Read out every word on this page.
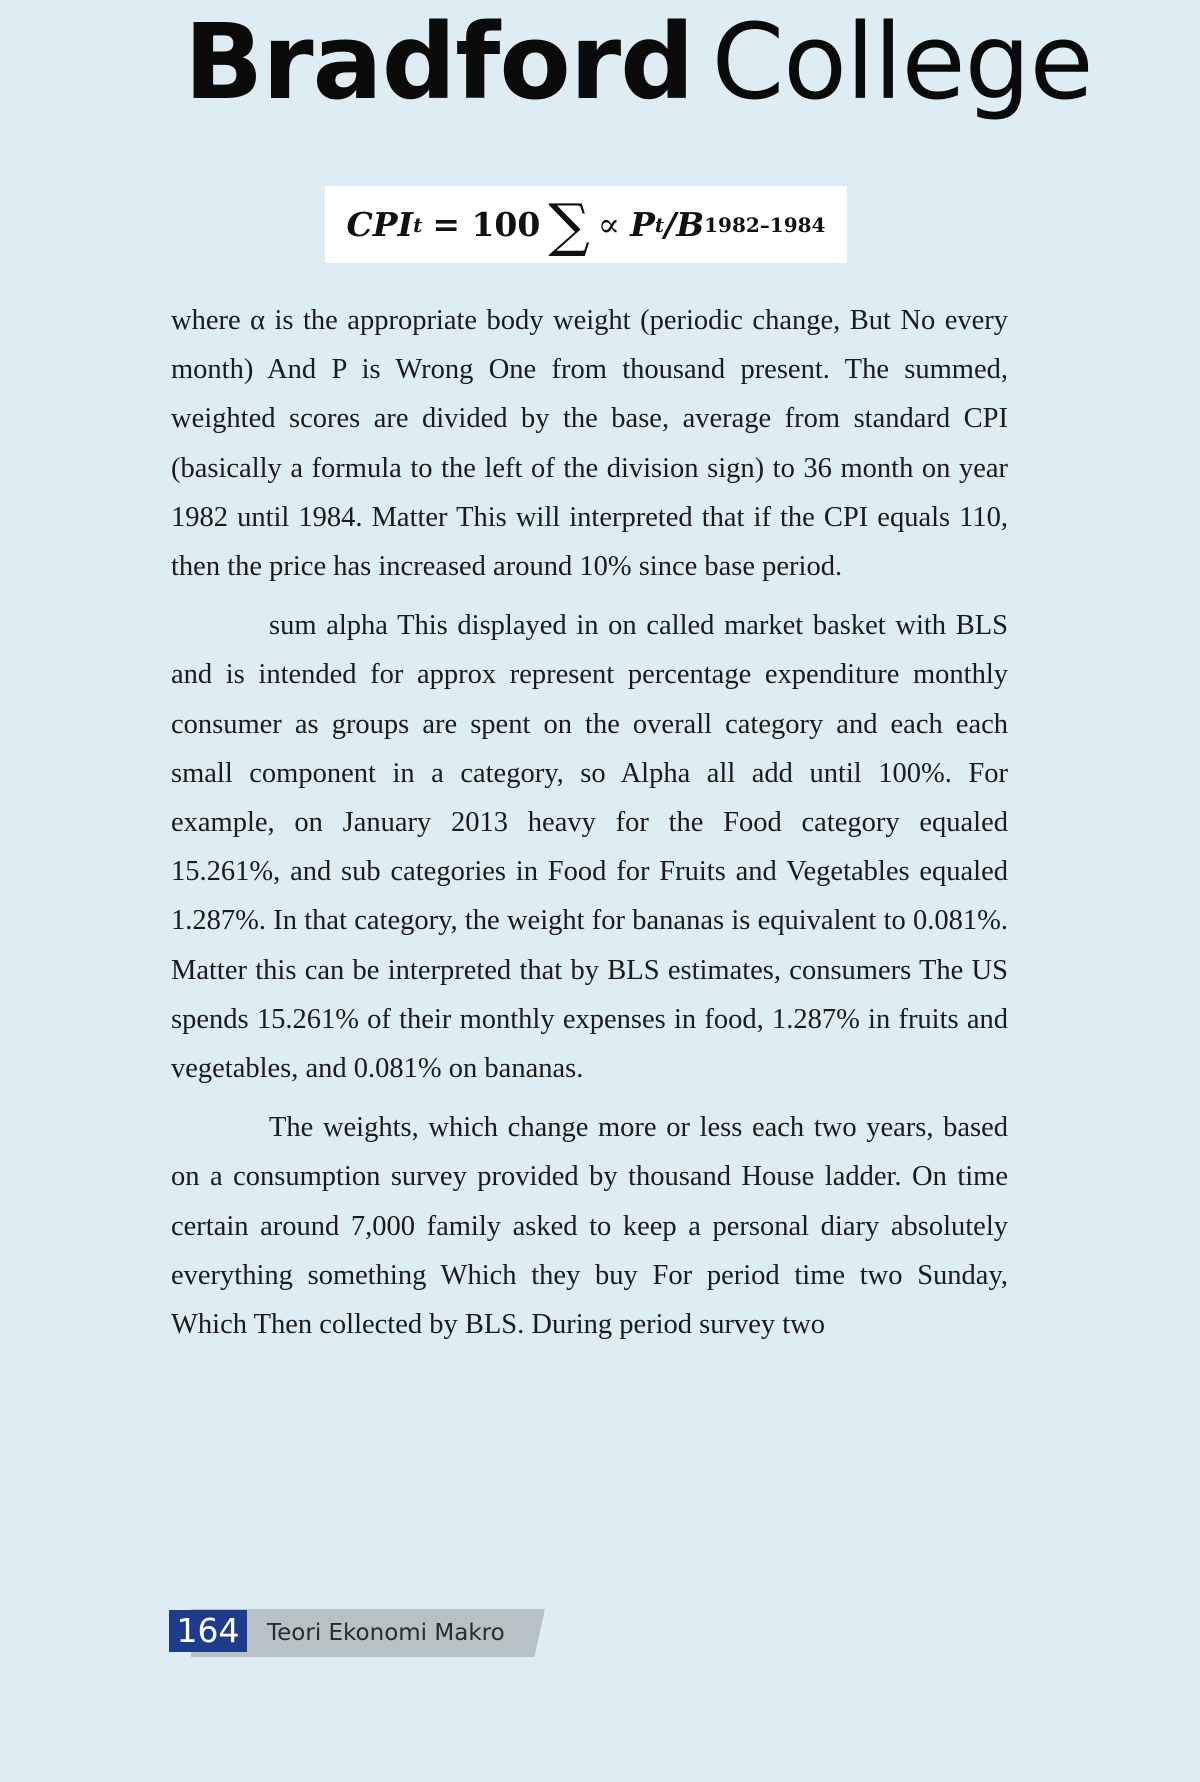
Bradford College
CPI t = 100 ∑ ∝ P t /B 1982–1984

where α is the appropriate body weight (periodic change, But No every month) And P is Wrong One from thousand present. The summed, weighted scores are divided by the base, average from standard CPI (basically a formula to the left of the division sign) to 36 month on year 1982 until 1984. Matter This will interpreted that if the CPI equals 110, then the price has increased around 10% since base period.

sum alpha This displayed in on called market basket with BLS and is intended for approx represent percentage expenditure monthly consumer as groups are spent on the overall category and each each small component in a category, so Alpha all add until 100%. For example, on January 2013 heavy for the Food category equaled 15.261%, and sub categories in Food for Fruits and Vegetables equaled 1.287%. In that category, the weight for bananas is equivalent to 0.081%. Matter this can be interpreted that by BLS estimates, consumers The US spends 15.261% of their monthly expenses in food, 1.287% in fruits and vegetables, and 0.081% on bananas.

The weights, which change more or less each two years, based on a consumption survey provided by thousand House ladder. On time certain around 7,000 family asked to keep a personal diary absolutely everything something Which they buy For period time two Sunday, Which Then collected by BLS. During period survey two

164	Teori Ekonomi Makro
